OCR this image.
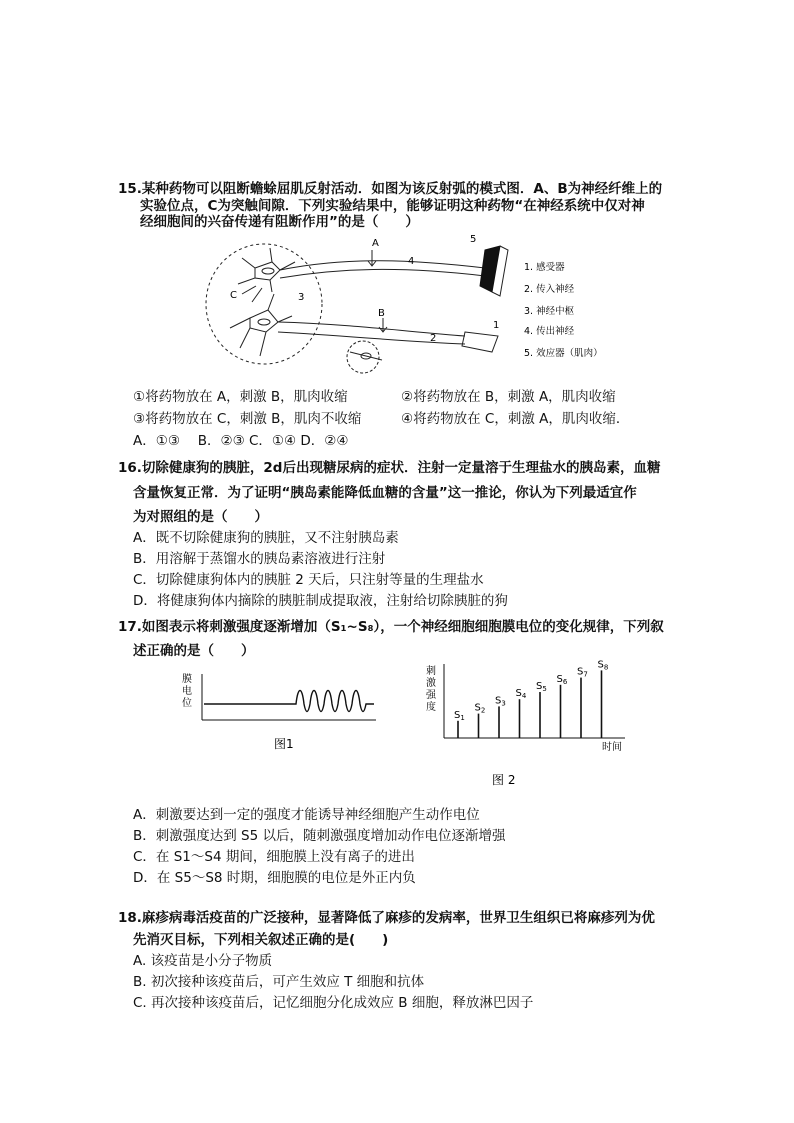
15.某种药物可以阻断蟾蜍屈肌反射活动．如图为该反射弧的模式图．A、B为神经纤维上的
实验位点，C为突触间隙．下列实验结果中，能够证明这种药物“在神经系统中仅对神
经细胞间的兴奋传递有阻断作用”的是（　　）
A
B
C
1
2
3
4
5
1. 感受器
2. 传入神经
3. 神经中枢
4. 传出神经
5. 效应器（肌肉）
①将药物放在 A，刺激 B，肌肉收缩	②将药物放在 B，刺激 A，肌肉收缩
③将药物放在 C，刺激 B，肌肉不收缩	④将药物放在 C，刺激 A，肌肉收缩．
A．①③　 B．②③ C．①④ D．②④
16.切除健康狗的胰脏，2d后出现糖尿病的症状．注射一定量溶于生理盐水的胰岛素，血糖
含量恢复正常．为了证明“胰岛素能降低血糖的含量”这一推论，你认为下列最适宜作
为对照组的是（　　）
A．既不切除健康狗的胰脏，又不注射胰岛素
B．用溶解于蒸馏水的胰岛素溶液进行注射
C．切除健康狗体内的胰脏 2 天后，只注射等量的生理盐水
D．将健康狗体内摘除的胰脏制成提取液，注射给切除胰脏的狗
17.如图表示将刺激强度逐渐增加（S₁~S₈），一个神经细胞细胞膜电位的变化规律，下列叙
述正确的是（　　）
膜
电
位
图1
刺
激
强
度
$S_1$
$S_2$
$S_3$
$S_4$
$S_5$
$S_6$
$S_7$
$S_8$
时间
图 2
A．刺激要达到一定的强度才能诱导神经细胞产生动作电位
B．刺激强度达到 S5 以后，随刺激强度增加动作电位逐渐增强
C．在 S1～S4 期间，细胞膜上没有离子的进出
D．在 S5～S8 时期，细胞膜的电位是外正内负
18.麻疹病毒活疫苗的广泛接种，显著降低了麻疹的发病率，世界卫生组织已将麻疹列为优
先消灭目标，下列相关叙述正确的是(　　)
A. 该疫苗是小分子物质
B. 初次接种该疫苗后，可产生效应 T 细胞和抗体
C. 再次接种该疫苗后，记忆细胞分化成效应 B 细胞，释放淋巴因子
